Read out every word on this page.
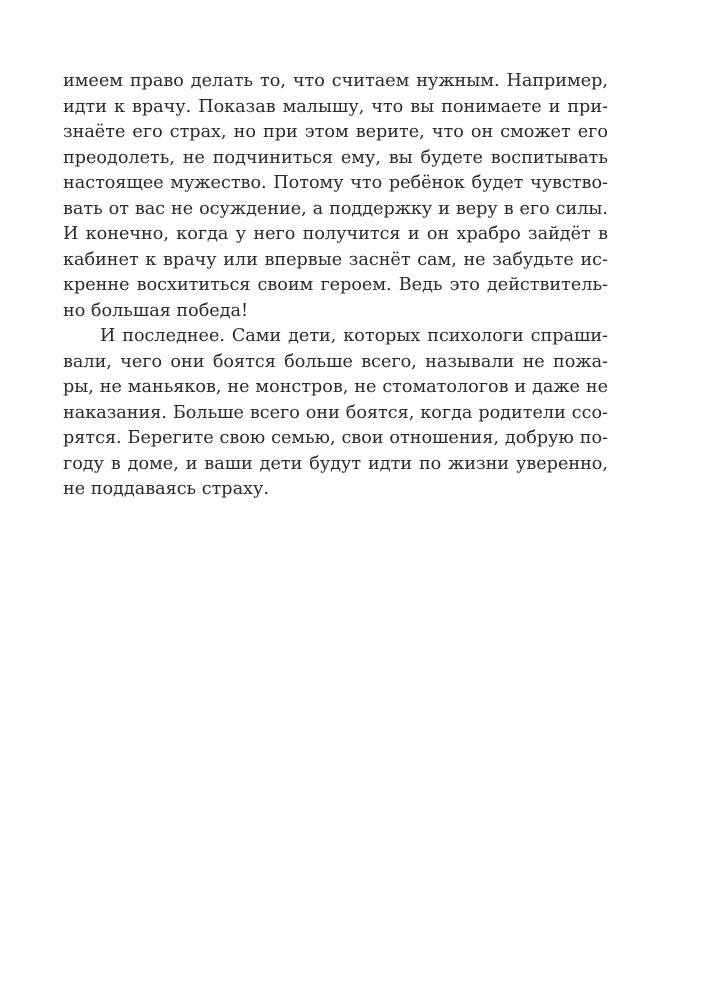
имеем право делать то, что считаем нужным. Например,
идти к врачу. Показав малышу, что вы понимаете и при-
знаёте его страх, но при этом верите, что он сможет его
преодолеть, не подчиниться ему, вы будете воспитывать
настоящее мужество. Потому что ребёнок будет чувство-
вать от вас не осуждение, а поддержку и веру в его силы.
И конечно, когда у него получится и он храбро зайдёт в
кабинет к врачу или впервые заснёт сам, не забудьте ис-
кренне восхититься своим героем. Ведь это действитель-
но большая победа!
И последнее. Сами дети, которых психологи спраши-
вали, чего они боятся больше всего, называли не пожа-
ры, не маньяков, не монстров, не стоматологов и даже не
наказания. Больше всего они боятся, когда родители ссо-
рятся. Берегите свою семью, свои отношения, добрую по-
году в доме, и ваши дети будут идти по жизни уверенно,
не поддаваясь страху.
